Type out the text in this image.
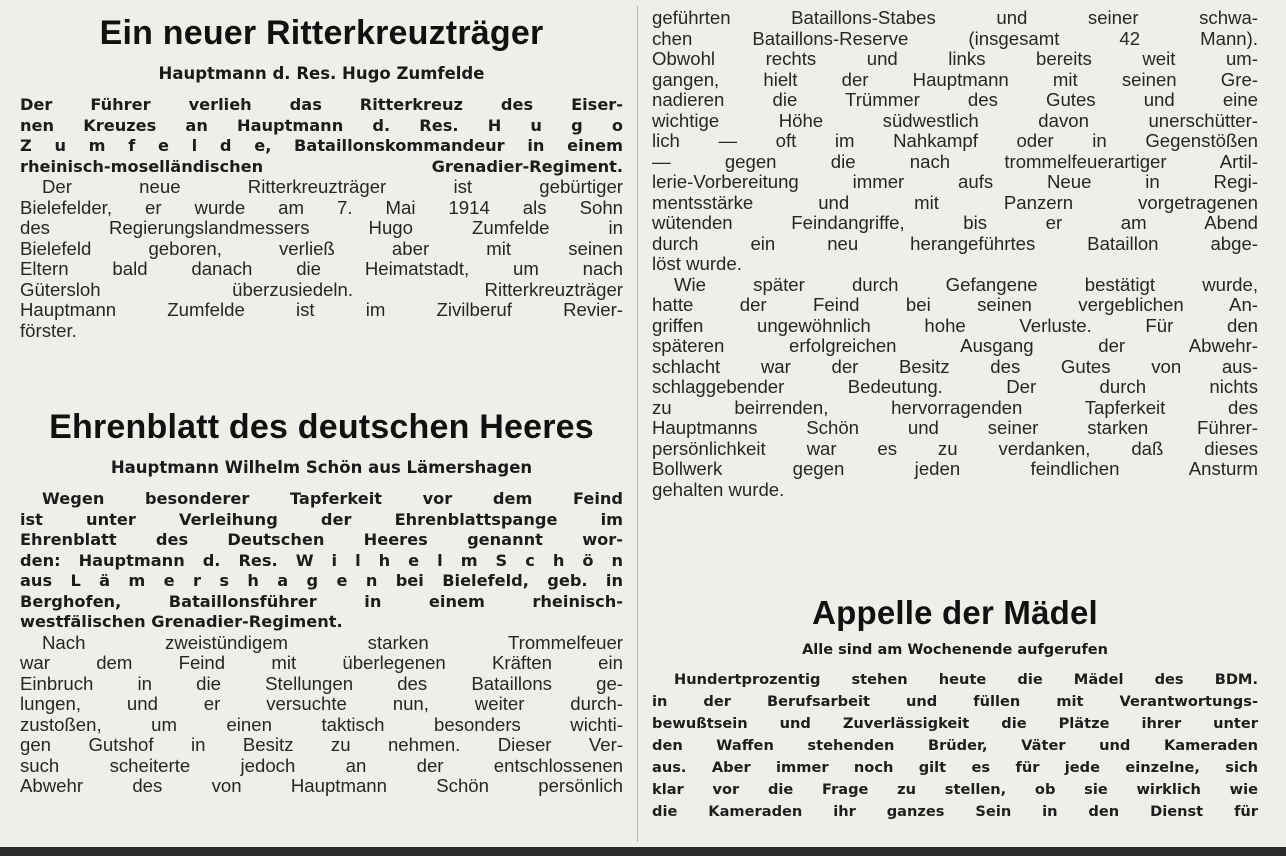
Ein neuer Ritterkreuzträger

Hauptmann d. Res. Hugo Zumfelde

Der Führer verlieh das Ritterkreuz des Eiser-
nen Kreuzes an Hauptmann d. Res. H u g o
Z u m f e l d e, Bataillonskommandeur in einem
rheinisch-moselländischen Grenadier-Regiment.
Der neue Ritterkreuzträger ist gebürtiger
Bielefelder, er wurde am 7. Mai 1914 als Sohn
des Regierungslandmessers Hugo Zumfelde in
Bielefeld geboren, verließ aber mit seinen
Eltern bald danach die Heimatstadt, um nach
Gütersloh überzusiedeln. Ritterkreuzträger
Hauptmann Zumfelde ist im Zivilberuf Revier-
förster.
Ehrenblatt des deutschen Heeres

Hauptmann Wilhelm Schön aus Lämershagen

Wegen besonderer Tapferkeit vor dem Feind
ist unter Verleihung der Ehrenblattspange im
Ehrenblatt des Deutschen Heeres genannt wor-
den: Hauptmann d. Res. W i l h e l m S c h ö n
aus L ä m e r s h a g e n bei Bielefeld, geb. in
Berghofen, Bataillonsführer in einem rheinisch-
westfälischen Grenadier-Regiment.
Nach zweistündigem starken Trommelfeuer
war dem Feind mit überlegenen Kräften ein
Einbruch in die Stellungen des Bataillons ge-
lungen, und er versuchte nun, weiter durch-
zustoßen, um einen taktisch besonders wichti-
gen Gutshof in Besitz zu nehmen. Dieser Ver-
such scheiterte jedoch an der entschlossenen
Abwehr des von Hauptmann Schön persönlich
geführten Bataillons-Stabes und seiner schwa-
chen Bataillons-Reserve (insgesamt 42 Mann).
Obwohl rechts und links bereits weit um-
gangen, hielt der Hauptmann mit seinen Gre-
nadieren die Trümmer des Gutes und eine
wichtige Höhe südwestlich davon unerschütter-
lich — oft im Nahkampf oder in Gegenstößen
— gegen die nach trommelfeuerartiger Artil-
lerie-Vorbereitung immer aufs Neue in Regi-
mentsstärke und mit Panzern vorgetragenen
wütenden Feindangriffe, bis er am Abend
durch ein neu herangeführtes Bataillon abge-
löst wurde.
Wie später durch Gefangene bestätigt wurde,
hatte der Feind bei seinen vergeblichen An-
griffen ungewöhnlich hohe Verluste. Für den
späteren erfolgreichen Ausgang der Abwehr-
schlacht war der Besitz des Gutes von aus-
schlaggebender Bedeutung. Der durch nichts
zu beirrenden, hervorragenden Tapferkeit des
Hauptmanns Schön und seiner starken Führer-
persönlichkeit war es zu verdanken, daß dieses
Bollwerk gegen jeden feindlichen Ansturm
gehalten wurde.
Appelle der Mädel

Alle sind am Wochenende aufgerufen

Hundertprozentig stehen heute die Mädel des BDM.
in der Berufsarbeit und füllen mit Verantwortungs-
bewußtsein und Zuverlässigkeit die Plätze ihrer unter
den Waffen stehenden Brüder, Väter und Kameraden
aus. Aber immer noch gilt es für jede einzelne, sich
klar vor die Frage zu stellen, ob sie wirklich wie
die Kameraden ihr ganzes Sein in den Dienst für
